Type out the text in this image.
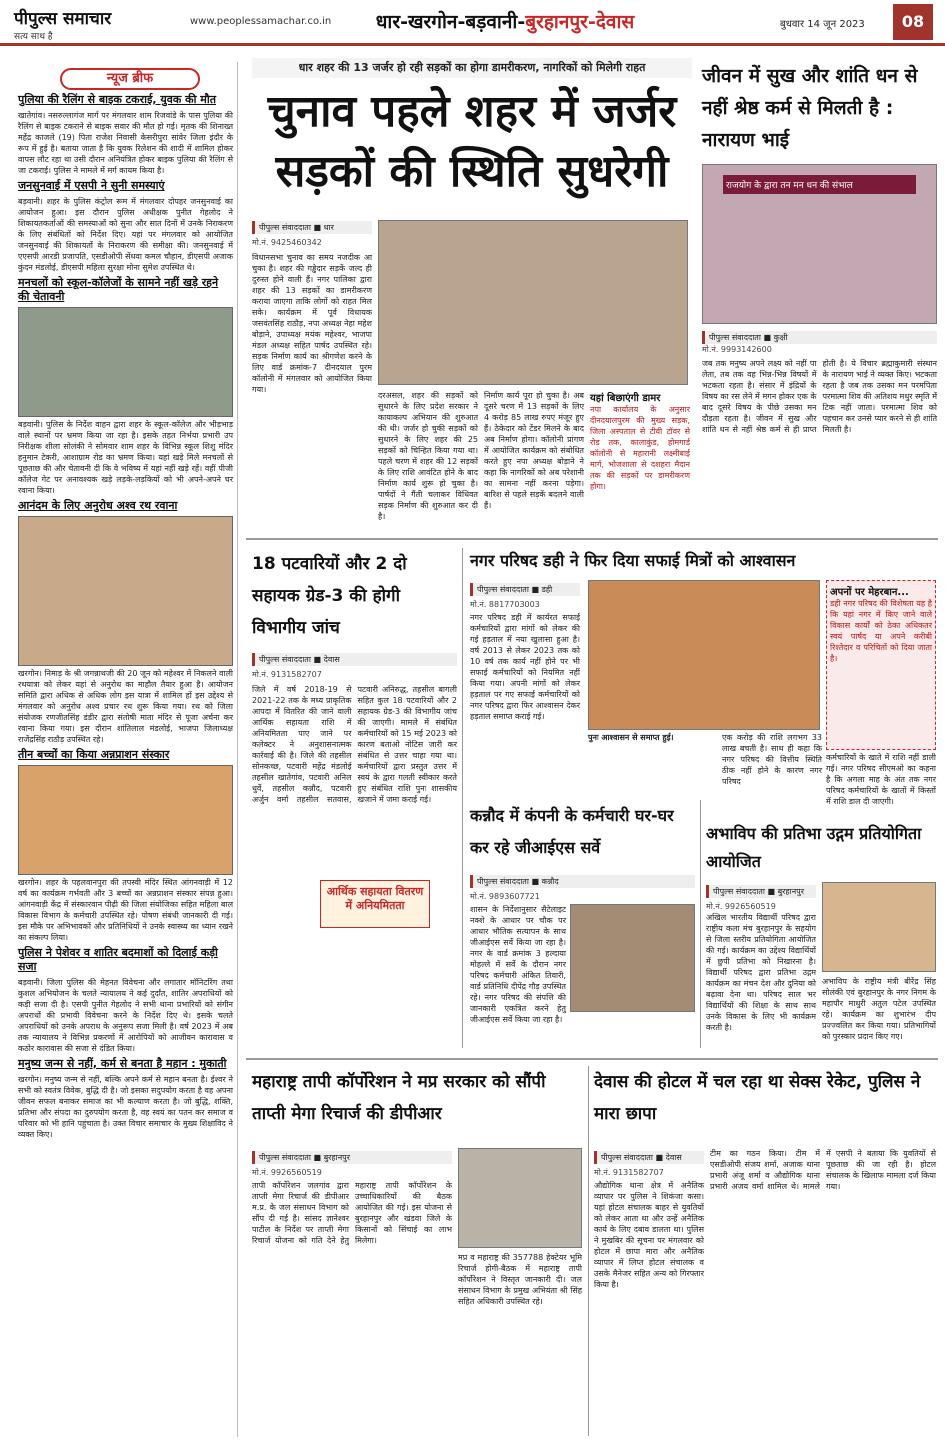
पीपुल्स समाचार
सत्य साथ है
www.peoplessamachar.co.in	धार-खरगोन-बड़वानी-बुरहानपुर-देवास	बुधवार 14 जून 2023	08
पुलिया की रैलिंग से बाइक टकराई, युवक की मौत
खातेगांव। नसरुल्लागंज मार्ग पर मंगलवार शाम रिजवांडे के पास पुलिया की रैलिंग से बाइक टकराने से बाइक सवार की मौत हो गई। मृतक की शिनाख्त महेंद्र काजले (19) पिता राजेश निवासी केसरीपुरा सांवेर जिला इंदौर के रूप में हुई है। बताया जाता है कि युवक रिलेशन की शादी में शामिल होकर वापस लौट रहा था उसी दौरान अनियंत्रित होकर बाइक पुलिया की रैलिंग से जा टकराई। पुलिस ने मामले में मर्ग कायम किया है।
जनसुनवाई में एसपी ने सुनी समस्याएं
बड़वानी। शहर के पुलिस कंट्रोल रूम में मंगलवार दोपहर जनसुनवाई का आयोजन हुआ। इस दौरान पुलिस अधीक्षक पुनीत गेहलोद ने शिकायतकर्ताओं की समस्याओं को सुना और सात दिनों में उनके निराकरण के लिए संबंधितों को निर्देश दिए। यहां पर मंगलवार को आयोजित जनसुनवाई की शिकायतों के निराकरण की समीक्षा की। जनसुनवाई में एएसपी आरडी प्रजापति, एसडीओपी सेंधवा कमल चौहान, डीएसपी अजाक कुंदन मंडलोई, डीएसपी महिला सुरक्षा मोना सुमेश उपस्थित थे।
मनचलों को स्कूल-कॉलेजों के सामने नहीं खड़े रहने की चेतावनी
बड़वानी। पुलिस के निर्देश वाहन द्वारा शहर के स्कूल-कॉलेज और भीड़भाड़ वाले स्थानों पर भ्रमण किया जा रहा है। इसके तहत निर्भया प्रभारी उप निरीक्षक शीला सोलंकी ने सोमवार शाम शहर के विभिन्न स्कूल शिशु मंदिर हनुमान टेकरी, आशाग्राम रोड का भ्रमण किया। यहां खड़े मिले मनचलों से पूछताछ की और चेतावनी दी कि वे भविष्य में यहां नहीं खड़े रहें। वहीं पीजी कॉलेज गेट पर अनावश्यक खड़े लड़के-लड़कियों को भी अपने-अपने घर रवाना किया।
आनंदम के लिए अनुरोध अश्व रथ रवाना
खरगोन। निमाड़ के श्री जगन्नाथजी की 20 जून को महेश्वर में निकलने वाली रथयात्रा को लेकर यहां से अनुरोध का माहौल तैयार हुआ है। आयोजन समिति द्वारा अधिक से अधिक लोग इस यात्रा में शामिल हों इस उद्देश्य से मंगलवार को अनुरोध अश्व प्रचार रथ शुरू किया गया। रथ को जिला संयोजक रणजीतसिंह डंडीर द्वारा संतोषी माता मंदिर से पूजा अर्चना कर रवाना किया गया। इस दौरान शांतिलाल मंडलोई, भाजपा जिलाध्यक्ष राजेंद्रसिंह राठौड़ उपस्थित रहे।
तीन बच्चों का किया अन्नप्राशन संस्कार
खरगोन। शहर के पहलवानपुरा की तपस्वी मंदिर स्थित आंगनवाड़ी में 12 वर्ष का कार्यक्रम गर्भवती और 3 बच्चों का अन्नप्राशन संस्कार संपन्न हुआ। आंगनवाड़ी केंद्र में संस्कारवान पीढ़ी की जिला संयोजिका सहित महिला बाल विकास विभाग के कर्मचारी उपस्थित रहे। पोषण संबंधी जानकारी दी गई। इस मौके पर अभिभावकों और प्रतिनिधियों ने उनके स्वास्थ्य का ध्यान रखने का संकल्प लिया।
पुलिस ने पेशेवर व शातिर बदमाशों को दिलाई कड़ी सजा
बड़वानी। जिला पुलिस की मेहनत विवेचना और लगातार मॉनिटरिंग तथा कुशल अभियोजन के चलते न्यायालय ने कई दुर्दांत, शातिर अपराधियों को कड़ी सजा दी है। एसपी पुनीत गेहलोद ने सभी थाना प्रभारियों को संगीन अपराधों की प्रभावी विवेचना करने के निर्देश दिए थे। इसके चलते अपराधियों को उनके अपराध के अनुरूप सजा मिली है। वर्ष 2023 में अब तक न्यायालय ने विभिन्न प्रकरणों में आरोपियों को आजीवन कारावास व कठोर कारावास की सजा से दंडित किया।
मनुष्य जन्म से नहीं, कर्म से बनता है महान : मुकाती
खरगोन। मनुष्य जन्म से नहीं, बल्कि अपने कर्म से महान बनता है। ईश्वर ने सभी को स्वतंत्र विवेक, बुद्धि दी है। जो इसका सदुपयोग करता है वह अपना जीवन सफल बनाकर समाज का भी कल्याण करता है। जो बुद्धि, शक्ति, प्रतिभा और संपदा का दुरुपयोग करता है, वह स्वयं का पतन कर समाज व परिवार को भी हानि पहुंचाता है। उक्त विचार समाचार के मुख्य शिक्षाविद ने व्यक्त किए।
न्यूज ब्रीफ
धार शहर की 13 जर्जर हो रही सड़कों का होगा डामरीकरण, नागरिकों को मिलेगी राहत
चुनाव पहले शहर में जर्जर सड़कों की स्थिति सुधरेगी
पीपुल्स संवाददाता ■ धार
मो.नं. 9425460342
विधानसभा चुनाव का समय नजदीक आ चुका है। शहर की गड्ढेदार सड़कें जल्द ही दुरुस्त होने वाली हैं। नगर पालिका द्वारा शहर की 13 सड़कों का डामरीकरण कराया जाएगा ताकि लोगों को राहत मिल सके। कार्यक्रम में पूर्व विधायक जसवंतसिंह राठौड़, नपा अध्यक्ष नेहा महेश बोड़ाने, उपाध्यक्ष मयंक महेश्वर, भाजपा मंडल अध्यक्ष सहित पार्षद उपस्थित रहे। सड़क निर्माण कार्य का श्रीगणेश करने के लिए वार्ड क्रमांक-7 दीनदयाल पुरम कॉलोनी में मंगलवार को आयोजित किया गया।
दरअसल, शहर की सड़कों को सुधारने के लिए प्रदेश सरकार ने कायाकल्प अभियान की शुरुआत की थी। जर्जर हो चुकी सड़कों को सुधारने के लिए शहर की 25 सड़कों को चिन्हित किया गया था। पहले चरण में शहर की 12 सड़कों के लिए राशि आवंटित होने के बाद निर्माण कार्य शुरू हो चुका है। पार्षदों ने गैंती चलाकर विधिवत सड़क निर्माण की शुरुआत कर दी है।
निर्माण कार्य पूरा हो चुका है। अब दूसरे चरण में 13 सड़कों के लिए 4 करोड़ 85 लाख रुपए मंजूर हुए हैं। ठेकेदार को टेंडर मिलने के बाद अब निर्माण होगा। कॉलोनी प्रांगण में आयोजित कार्यक्रम को संबोधित करते हुए नपा अध्यक्ष बोड़ाने ने कहा कि नागरिकों को अब परेशानी का सामना नहीं करना पड़ेगा। बारिश से पहले सड़कें बदलने वाली हैं।
यहां बिछाएंगी डामर
नपा कार्यालय के अनुसार दीनदयालपुरम की मुख्य सड़क, जिला अस्पताल से टीवी टॉवर से रोड तक, कालाकुंड, होमगार्ड कॉलोनी से महारानी लक्ष्मीबाई मार्ग, भोजशाला से दशहरा मैदान तक की सड़कों पर डामरीकरण होगा।
जीवन में सुख और शांति धन से नहीं श्रेष्ठ कर्म से मिलती है : नारायण भाई
राजयोग के द्वारा तन मन धन की संभाल
पीपुल्स संवाददाता ■ कुक्षी
मो.नं. 9993142600
जब तक मनुष्य अपने लक्ष्य को नहीं पा लेता, तब तक वह भिन्न-भिन्न विषयों में भटकता रहता है। संसार में इंद्रियों के विषय का रस लेने में मगन होकर एक के बाद दूसरे विषय के पीछे उसका मन दौड़ता रहता है। जीवन में सुख और शांति धन से नहीं श्रेष्ठ कर्म से ही प्राप्त होती है। ये विचार ब्रह्माकुमारी संस्थान के नारायण भाई ने व्यक्त किए। भटकता रहता है जब तक उसका मन परमपिता परमात्मा शिव की अतिशय मधुर स्मृति में टिक नहीं जाता। परमात्मा शिव को पहचान कर उनसे प्यार करने से ही शांति मिलती है।
18 पटवारियों और 2 दो सहायक ग्रेड-3 की होगी विभागीय जांच
पीपुल्स संवाददाता ■ देवास
मो.नं. 9131582707
जिले में वर्ष 2018-19 से 2021-22 तक के मध्य प्राकृतिक आपदा में वितरित की जाने वाली आर्थिक सहायता राशि में अनियमितता पाए जाने पर कलेक्टर ने अनुशासनात्मक कार्रवाई की है। जिले की तहसील सोनकच्छ, पटवारी महेंद्र मंडलोई तहसील खातेगांव, पटवारी अनिल धुर्वे, तहसील कन्नौद, पटवारी अर्जुन वर्मा तहसील सतवास, पटवारी अनिरुद्ध, तहसील बागली सहित कुल 18 पटवारियों और 2 सहायक ग्रेड-3 की विभागीय जांच की जाएगी। मामले में संबंधित कर्मचारियों को 15 मई 2023 को कारण बताओ नोटिस जारी कर संबंधित से उत्तर चाहा गया था। कर्मचारियों द्वारा प्रस्तुत उत्तर में स्वयं के द्वारा गलती स्वीकार करते हुए संबंधित राशि पुनः शासकीय खजाने में जमा कराई गई।
आर्थिक सहायता वितरण में अनियमितता
नगर परिषद डही ने फिर दिया सफाई मित्रों को आश्वासन
पीपुल्स संवाददाता ■ डही
मो.नं. 8817703003
नगर परिषद डही में कार्यरत सफाई कर्मचारियों द्वारा मांगों को लेकर की गई हड़ताल में नया खुलासा हुआ है। वर्ष 2013 से लेकर 2023 तक को 10 वर्ष तक कार्य नहीं होने पर भी सफाई कर्मचारियों को नियमित नहीं किया गया। अपनी मांगों को लेकर हड़ताल पर गए सफाई कर्मचारियों को नगर परिषद द्वारा फिर आश्वासन देकर हड़ताल समाप्त कराई गई।
पुनः आश्वासन से समाप्त हुई।	एक करोड़ की राशि लगभग 33 लाख बचती है। साथ ही कहा कि नगर परिषद की वित्तीय स्थिति ठीक नहीं होने के कारण नगर परिषद
अपनों पर मेहरबान...
डही नगर परिषद की विशेषता यह है कि यहां नगर में किए जाने वाले विकास कार्यों को ठेका अधिकतर स्वयं पार्षद या अपने करीबी रिश्तेदार व परिचितों को दिया जाता है।
कर्मचारियों के खाते में राशि नहीं डाली गई। नगर परिषद सीएमओ का कहना है कि अगला माह के अंत तक नगर परिषद कर्मचारियों के खातों में किस्तों में राशि डाल दी जाएगी।
कन्नौद में कंपनी के कर्मचारी घर-घर कर रहे जीआईएस सर्वे
पीपुल्स संवाददाता ■ कन्नौद
मो.नं. 9893607721
शासन के निर्देशानुसार सैटेलाइट नक्शे के आधार पर चौक पर आधार भौतिक सत्यापन के साथ जीआईएस सर्वे किया जा रहा है। नगर के वार्ड क्रमांक 3 हल्दाया मोहल्ले में सर्वे के दौरान नगर परिषद कर्मचारी अंकित तिवारी, वार्ड प्रतिनिधि दीपेंद्र गौड़ उपस्थित रहे। नगर परिषद की संपत्ति की जानकारी एकत्रित करने हेतु जीआईएस सर्वे किया जा रहा है।
अभाविप की प्रतिभा उद्गम प्रतियोगिता आयोजित
पीपुल्स संवाददाता ■ बुरहानपुर
मो.नं. 9926560519
अखिल भारतीय विद्यार्थी परिषद द्वारा राष्ट्रीय कला मंच बुरहानपुर के सहयोग से जिला स्तरीय प्रतियोगिता आयोजित की गई। कार्यक्रम का उद्देश्य विद्यार्थियों में छुपी प्रतिभा को निखारना है। विद्यार्थी परिषद द्वारा प्रतिभा उद्गम कार्यक्रम का मंचन देश और दुनिया को बढ़ावा देना था। परिषद साल भर विद्यार्थियों की शिक्षा के साथ साथ उनके विकास के लिए भी कार्यक्रम करती है।
अभाविप के राष्ट्रीय मंत्री बीरेंद्र सिंह सोलंकी एवं बुरहानपुर के नगर निगम के महापौर माधुरी अतुल पटेल उपस्थित रहे। कार्यक्रम का शुभारंभ दीप प्रज्ज्वलित कर किया गया। प्रतिभागियों को पुरस्कार प्रदान किए गए।
महाराष्ट्र तापी कॉर्पोरेशन ने मप्र सरकार को सौंपी ताप्ती मेगा रिचार्ज की डीपीआर
पीपुल्स संवाददाता ■ बुरहानपुर
मो.नं. 9926560519
तापी कॉर्पोरेशन जलगांव द्वारा ताप्ती मेगा रिचार्ज की डीपीआर म.प्र. के जल संसाधन विभाग को सौंप दी गई है। सांसद ज्ञानेश्वर पाटील के निर्देश पर ताप्ती मेगा रिचार्ज योजना को गति देने हेतु महाराष्ट्र तापी कॉर्पोरेशन के उच्चाधिकारियों की बैठक आयोजित की गई। इस योजना से बुरहानपुर और खंडवा जिले के किसानों को सिंचाई का लाभ मिलेगा।
मप्र व महाराष्ट्र की 357788 हेक्टेयर भूमि रिचार्ज होगी-बैठक में महाराष्ट्र तापी कॉर्पोरेशन ने विस्तृत जानकारी दी। जल संसाधन विभाग के प्रमुख अभियंता श्री सिंह सहित अधिकारी उपस्थित रहे।
देवास की होटल में चल रहा था सेक्स रेकेट, पुलिस ने मारा छापा
पीपुल्स संवाददाता ■ देवास
मो.नं. 9131582707
औद्योगिक थाना क्षेत्र में अनैतिक व्यापार पर पुलिस ने शिकंजा कसा। यहां होटल संचालक बाहर से युवतियों को लेकर आता था और उन्हें अनैतिक कार्य के लिए दबाव डालता था। पुलिस ने मुखबिर की सूचना पर मंगलवार को होटल में छापा मारा और अनैतिक व्यापार में लिप्त होटल संचालक व उसके मैनेजर सहित अन्य को गिरफ्तार किया है।
टीम का गठन किया। टीम में एसडीओपी संजय शर्मा, अजाक थाना प्रभारी अंजू शर्मा व औद्योगिक थाना प्रभारी अजय वर्मा शामिल थे। मामले में एसपी ने बताया कि युवतियों से पूछताछ की जा रही है। होटल संचालक के खिलाफ मामला दर्ज किया गया।
